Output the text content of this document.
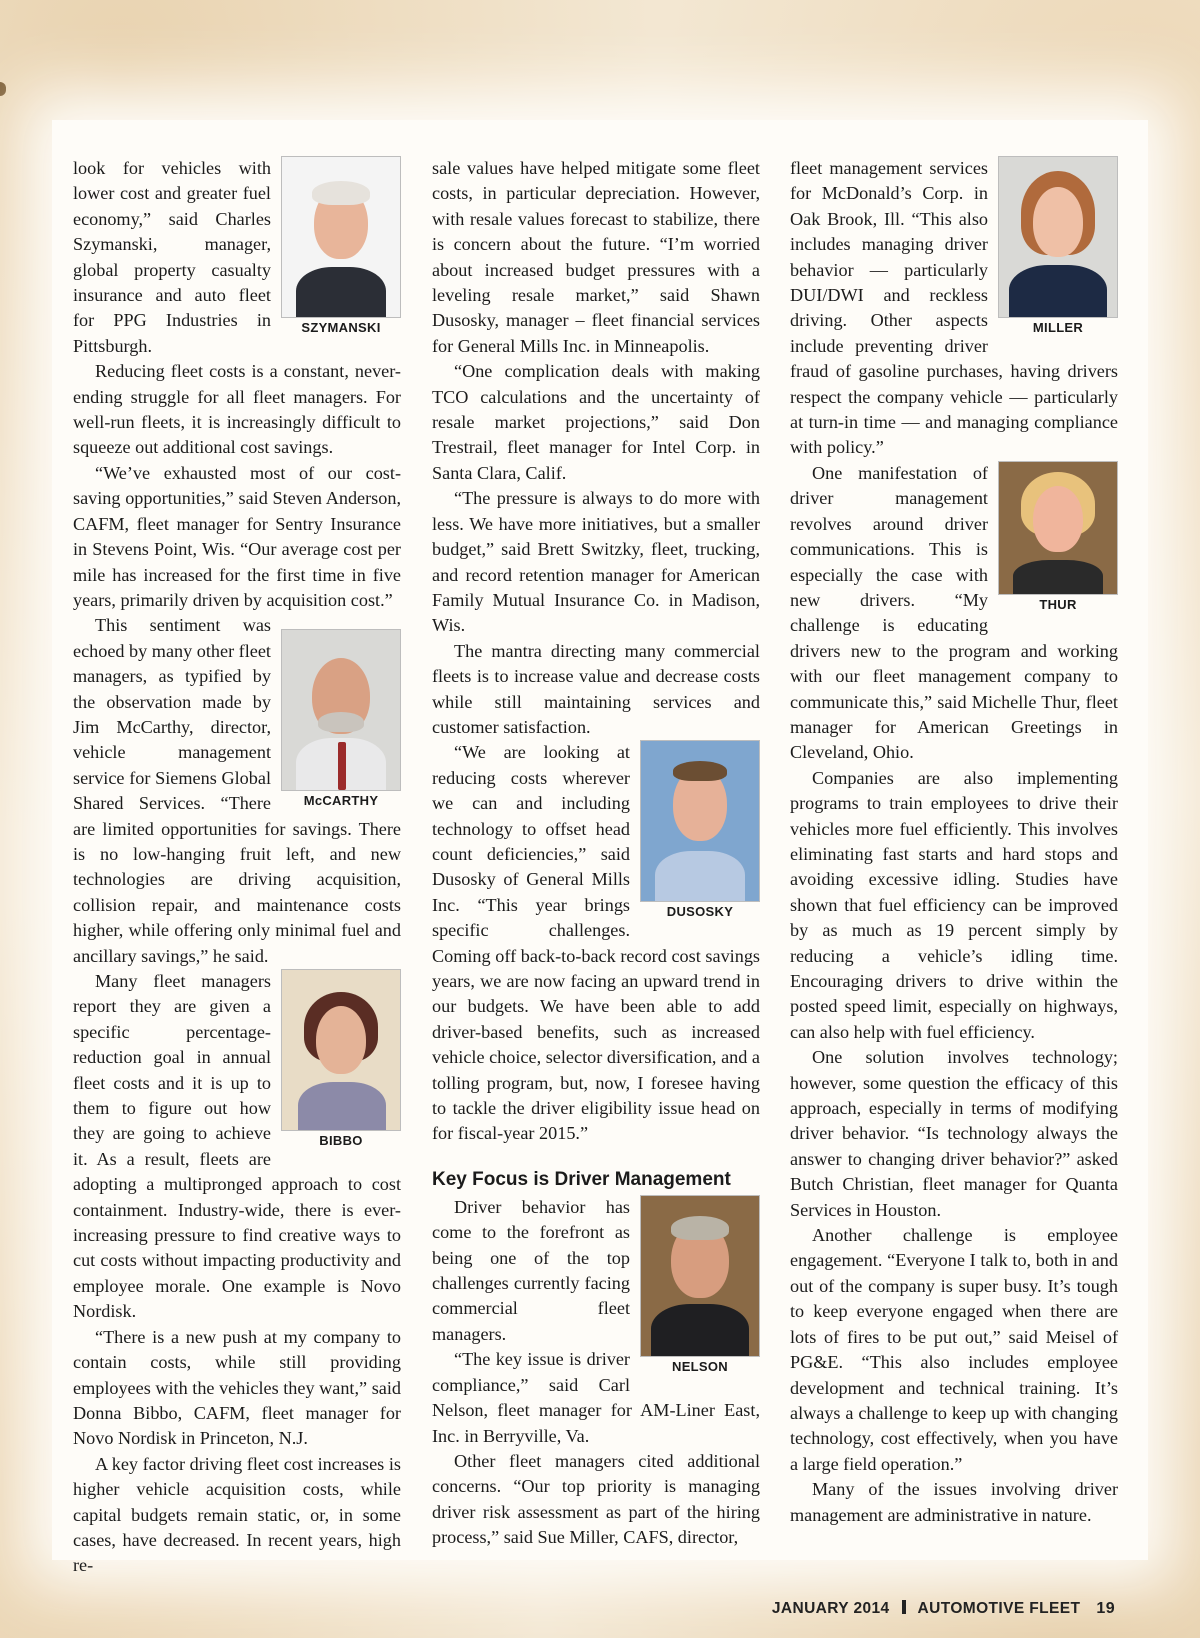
SZYMANSKI

look for vehicles with lower cost and greater fuel economy,” said Charles Szymanski, manager, global property casualty insurance and auto fleet for PPG Industries in Pittsburgh.

Reducing fleet costs is a constant, never-ending struggle for all fleet managers. For well-run fleets, it is increasingly difficult to squeeze out additional cost savings.

“We’ve exhausted most of our cost-saving opportunities,” said Steven Anderson, CAFM, fleet manager for Sentry Insurance in Stevens Point, Wis. “Our average cost per mile has increased for the first time in five years, primarily driven by acquisition cost.”

McCARTHY

This sentiment was echoed by many other fleet managers, as typified by the observation made by Jim McCarthy, director, vehicle management service for Siemens Global Shared Services. “There are limited opportunities for savings. There is no low-hanging fruit left, and new technologies are driving acquisition, collision repair, and maintenance costs higher, while offering only minimal fuel and ancillary savings,” he said.

BIBBO

Many fleet managers report they are given a specific percentage-reduction goal in annual fleet costs and it is up to them to figure out how they are going to achieve it. As a result, fleets are adopting a multipronged approach to cost containment. Industry-wide, there is ever-increasing pressure to find creative ways to cut costs without impacting productivity and employee morale. One example is Novo Nordisk.

“There is a new push at my company to contain costs, while still providing employees with the vehicles they want,” said Donna Bibbo, CAFM, fleet manager for Novo Nordisk in Princeton, N.J.

A key factor driving fleet cost increases is higher vehicle acquisition costs, while capital budgets remain static, or, in some cases, have decreased. In recent years, high re-

sale values have helped mitigate some fleet costs, in particular depreciation. However, with resale values forecast to stabilize, there is concern about the future. “I’m worried about increased budget pressures with a leveling resale market,” said Shawn Dusosky, manager – fleet financial services for General Mills Inc. in Minneapolis.

“One complication deals with making TCO calculations and the uncertainty of resale market projections,” said Don Trestrail, fleet manager for Intel Corp. in Santa Clara, Calif.

“The pressure is always to do more with less. We have more initiatives, but a smaller budget,” said Brett Switzky, fleet, trucking, and record retention manager for American Family Mutual Insurance Co. in Madison, Wis.

The mantra directing many commercial fleets is to increase value and decrease costs while still maintaining services and customer satisfaction.

DUSOSKY

“We are looking at reducing costs wherever we can and including technology to offset head count deficiencies,” said Dusosky of General Mills Inc. “This year brings specific challenges. Coming off back-to-back record cost savings years, we are now facing an upward trend in our budgets. We have been able to add driver-based benefits, such as increased vehicle choice, selector diversification, and a tolling program, but, now, I foresee having to tackle the driver eligibility issue head on for fiscal-year 2015.”

Key Focus is Driver Management
NELSON

Driver behavior has come to the forefront as being one of the top challenges currently facing commercial fleet managers.

“The key issue is driver compliance,” said Carl Nelson, fleet manager for AM-Liner East, Inc. in Berryville, Va.

Other fleet managers cited additional concerns. “Our top priority is managing driver risk assessment as part of the hiring process,” said Sue Miller, CAFS, director,

MILLER

fleet management services for McDonald’s Corp. in Oak Brook, Ill. “This also includes managing driver behavior — particularly DUI/DWI and reckless driving. Other aspects include preventing driver fraud of gasoline purchases, having drivers respect the company vehicle — particularly at turn-in time — and managing compliance with policy.”

THUR

One manifestation of driver management revolves around driver communications. This is especially the case with new drivers. “My challenge is educating drivers new to the program and working with our fleet management company to communicate this,” said Michelle Thur, fleet manager for American Greetings in Cleveland, Ohio.

Companies are also implementing programs to train employees to drive their vehicles more fuel efficiently. This involves eliminating fast starts and hard stops and avoiding excessive idling. Studies have shown that fuel efficiency can be improved by as much as 19 percent simply by reducing a vehicle’s idling time. Encouraging drivers to drive within the posted speed limit, especially on highways, can also help with fuel efficiency.

One solution involves technology; however, some question the efficacy of this approach, especially in terms of modifying driver behavior. “Is technology always the answer to changing driver behavior?” asked Butch Christian, fleet manager for Quanta Services in Houston.

Another challenge is employee engagement. “Everyone I talk to, both in and out of the company is super busy. It’s tough to keep everyone engaged when there are lots of fires to be put out,” said Meisel of PG&E. “This also includes employee development and technical training. It’s always a challenge to keep up with changing technology, cost effectively, when you have a large field operation.”

Many of the issues involving driver management are administrative in nature.

JANUARY 2014 AUTOMOTIVE FLEET 19
